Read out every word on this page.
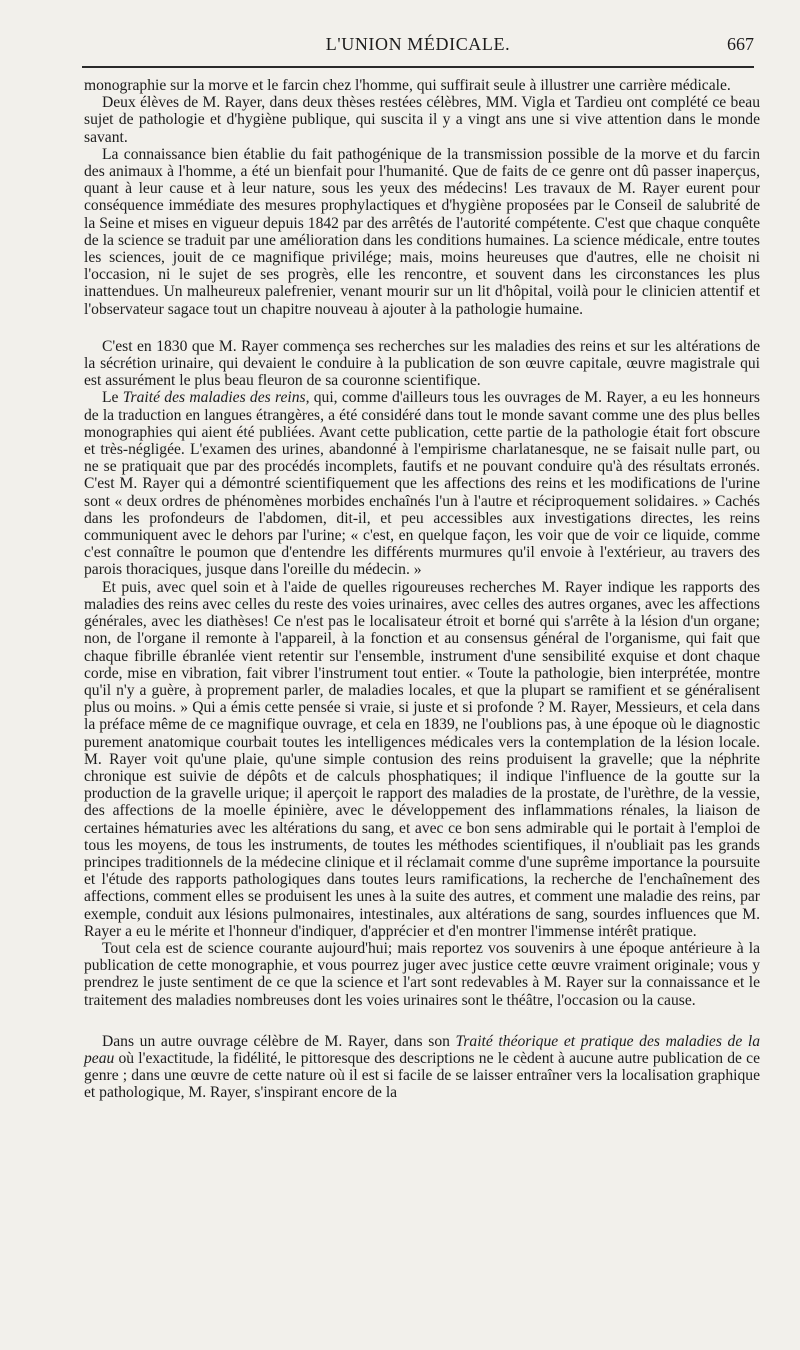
L'UNION MÉDICALE.	667

monographie sur la morve et le farcin chez l'homme, qui suffirait seule à illustrer une carrière médicale.

Deux élèves de M. Rayer, dans deux thèses restées célèbres, MM. Vigla et Tardieu ont complété ce beau sujet de pathologie et d'hygiène publique, qui suscita il y a vingt ans une si vive attention dans le monde savant.

La connaissance bien établie du fait pathogénique de la transmission possible de la morve et du farcin des animaux à l'homme, a été un bienfait pour l'humanité. Que de faits de ce genre ont dû passer inaperçus, quant à leur cause et à leur nature, sous les yeux des médecins! Les travaux de M. Rayer eurent pour conséquence immédiate des mesures prophylactiques et d'hygiène proposées par le Conseil de salubrité de la Seine et mises en vigueur depuis 1842 par des arrêtés de l'autorité compétente. C'est que chaque conquête de la science se traduit par une amélioration dans les conditions humaines. La science médicale, entre toutes les sciences, jouit de ce magnifique privilége; mais, moins heureuses que d'autres, elle ne choisit ni l'occasion, ni le sujet de ses progrès, elle les rencontre, et souvent dans les circonstances les plus inattendues. Un malheureux palefrenier, venant mourir sur un lit d'hôpital, voilà pour le clinicien attentif et l'observateur sagace tout un chapitre nouveau à ajouter à la pathologie humaine.

C'est en 1830 que M. Rayer commença ses recherches sur les maladies des reins et sur les altérations de la sécrétion urinaire, qui devaient le conduire à la publication de son œuvre capitale, œuvre magistrale qui est assurément le plus beau fleuron de sa couronne scientifique.

Le Traité des maladies des reins, qui, comme d'ailleurs tous les ouvrages de M. Rayer, a eu les honneurs de la traduction en langues étrangères, a été considéré dans tout le monde savant comme une des plus belles monographies qui aient été publiées. Avant cette publication, cette partie de la pathologie était fort obscure et très-négligée. L'examen des urines, abandonné à l'empirisme charlatanesque, ne se faisait nulle part, ou ne se pratiquait que par des procédés incomplets, fautifs et ne pouvant conduire qu'à des résultats erronés. C'est M. Rayer qui a démontré scientifiquement que les affections des reins et les modifications de l'urine sont « deux ordres de phénomènes morbides enchaînés l'un à l'autre et réciproquement solidaires. » Cachés dans les profondeurs de l'abdomen, dit-il, et peu accessibles aux investigations directes, les reins communiquent avec le dehors par l'urine; « c'est, en quelque façon, les voir que de voir ce liquide, comme c'est connaître le poumon que d'entendre les différents murmures qu'il envoie à l'extérieur, au travers des parois thoraciques, jusque dans l'oreille du médecin. »

Et puis, avec quel soin et à l'aide de quelles rigoureuses recherches M. Rayer indique les rapports des maladies des reins avec celles du reste des voies urinaires, avec celles des autres organes, avec les affections générales, avec les diathèses! Ce n'est pas le localisateur étroit et borné qui s'arrête à la lésion d'un organe; non, de l'organe il remonte à l'appareil, à la fonction et au consensus général de l'organisme, qui fait que chaque fibrille ébranlée vient retentir sur l'ensemble, instrument d'une sensibilité exquise et dont chaque corde, mise en vibration, fait vibrer l'instrument tout entier. « Toute la pathologie, bien interprétée, montre qu'il n'y a guère, à proprement parler, de maladies locales, et que la plupart se ramifient et se généralisent plus ou moins. » Qui a émis cette pensée si vraie, si juste et si profonde ? M. Rayer, Messieurs, et cela dans la préface même de ce magnifique ouvrage, et cela en 1839, ne l'oublions pas, à une époque où le diagnostic purement anatomique courbait toutes les intelligences médicales vers la contemplation de la lésion locale. M. Rayer voit qu'une plaie, qu'une simple contusion des reins produisent la gravelle; que la néphrite chronique est suivie de dépôts et de calculs phosphatiques; il indique l'influence de la goutte sur la production de la gravelle urique; il aperçoit le rapport des maladies de la prostate, de l'urèthre, de la vessie, des affections de la moelle épinière, avec le développement des inflammations rénales, la liaison de certaines hématuries avec les altérations du sang, et avec ce bon sens admirable qui le portait à l'emploi de tous les moyens, de tous les instruments, de toutes les méthodes scientifiques, il n'oubliait pas les grands principes traditionnels de la médecine clinique et il réclamait comme d'une suprême importance la poursuite et l'étude des rapports pathologiques dans toutes leurs ramifications, la recherche de l'enchaînement des affections, comment elles se produisent les unes à la suite des autres, et comment une maladie des reins, par exemple, conduit aux lésions pulmonaires, intestinales, aux altérations de sang, sourdes influences que M. Rayer a eu le mérite et l'honneur d'indiquer, d'apprécier et d'en montrer l'immense intérêt pratique.

Tout cela est de science courante aujourd'hui; mais reportez vos souvenirs à une époque antérieure à la publication de cette monographie, et vous pourrez juger avec justice cette œuvre vraiment originale; vous y prendrez le juste sentiment de ce que la science et l'art sont redevables à M. Rayer sur la connaissance et le traitement des maladies nombreuses dont les voies urinaires sont le théâtre, l'occasion ou la cause.

Dans un autre ouvrage célèbre de M. Rayer, dans son Traité théorique et pratique des maladies de la peau où l'exactitude, la fidélité, le pittoresque des descriptions ne le cèdent à aucune autre publication de ce genre ; dans une œuvre de cette nature où il est si facile de se laisser entraîner vers la localisation graphique et pathologique, M. Rayer, s'inspirant encore de la
